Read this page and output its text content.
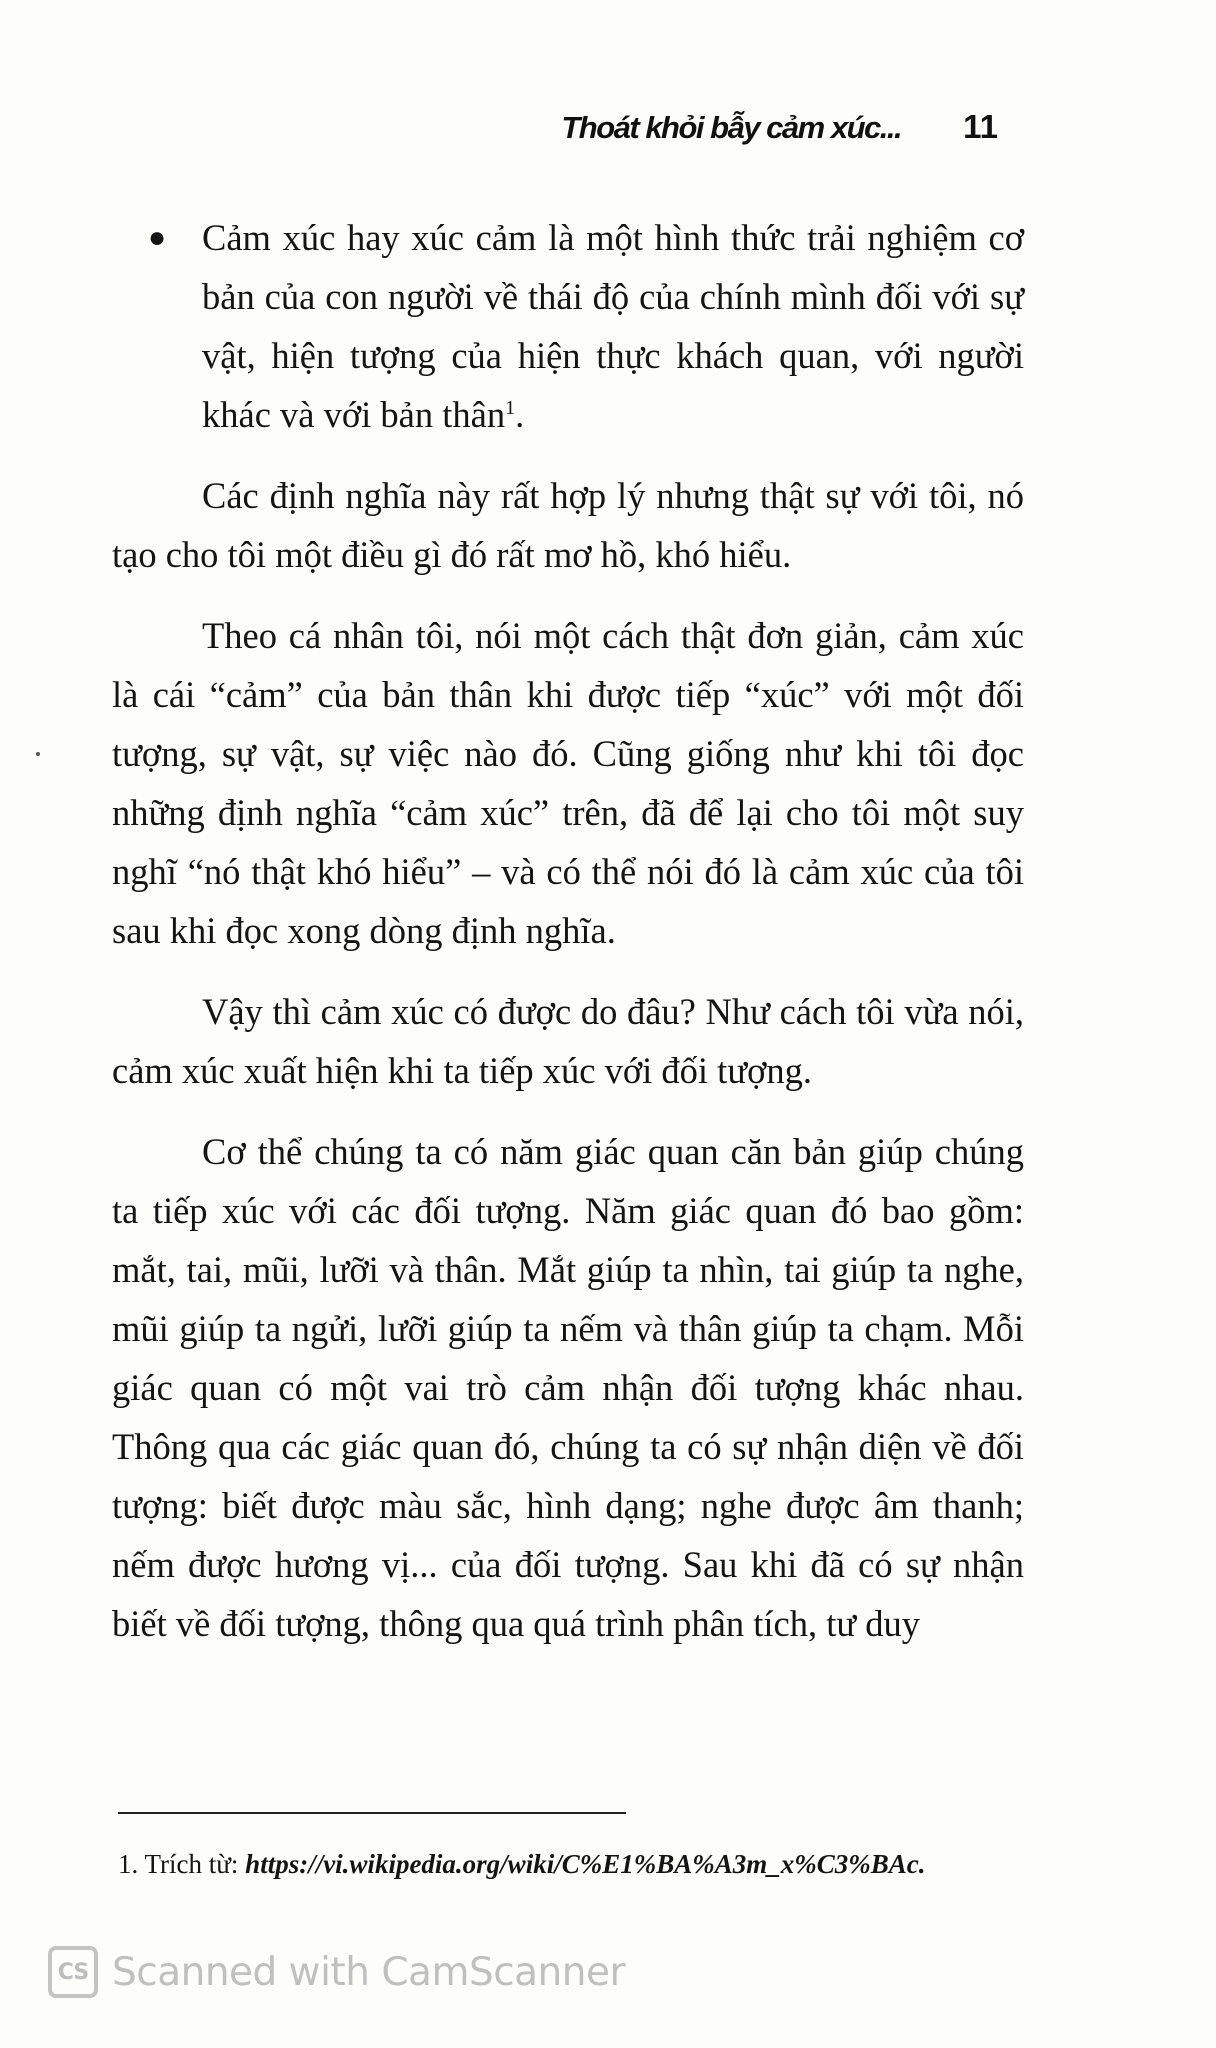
Thoát khỏi bẫy cảm xúc... 11
● Cảm xúc hay xúc cảm là một hình thức trải nghiệm cơ bản của con người về thái độ của chính mình đối với sự vật, hiện tượng của hiện thực khách quan, với người khác và với bản thân$^1$.

Các định nghĩa này rất hợp lý nhưng thật sự với tôi, nó tạo cho tôi một điều gì đó rất mơ hồ, khó hiểu.

Theo cá nhân tôi, nói một cách thật đơn giản, cảm xúc là cái “cảm” của bản thân khi được tiếp “xúc” với một đối tượng, sự vật, sự việc nào đó. Cũng giống như khi tôi đọc những định nghĩa “cảm xúc” trên, đã để lại cho tôi một suy nghĩ “nó thật khó hiểu” – và có thể nói đó là cảm xúc của tôi sau khi đọc xong dòng định nghĩa.

Vậy thì cảm xúc có được do đâu? Như cách tôi vừa nói, cảm xúc xuất hiện khi ta tiếp xúc với đối tượng.

Cơ thể chúng ta có năm giác quan căn bản giúp chúng ta tiếp xúc với các đối tượng. Năm giác quan đó bao gồm: mắt, tai, mũi, lưỡi và thân. Mắt giúp ta nhìn, tai giúp ta nghe, mũi giúp ta ngửi, lưỡi giúp ta nếm và thân giúp ta chạm. Mỗi giác quan có một vai trò cảm nhận đối tượng khác nhau. Thông qua các giác quan đó, chúng ta có sự nhận diện về đối tượng: biết được màu sắc, hình dạng; nghe được âm thanh; nếm được hương vị... của đối tượng. Sau khi đã có sự nhận biết về đối tượng, thông qua quá trình phân tích, tư duy

1. Trích từ: https://vi.wikipedia.org/wiki/C%E1%BA%A3m_x%C3%BAc.
CS Scanned with CamScanner
